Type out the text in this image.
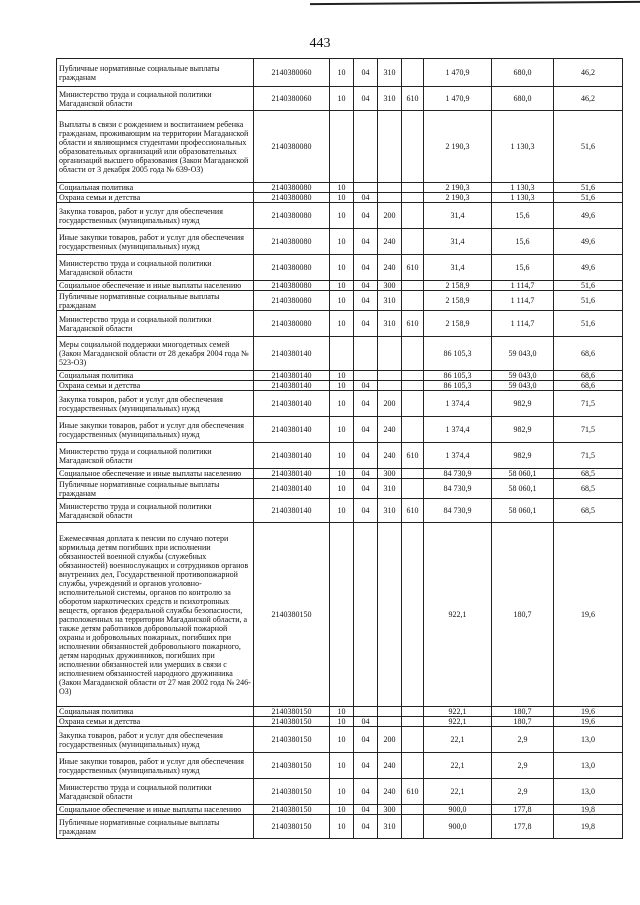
443
Публичные нормативные социальные выплаты гражданам	2140380060	10	04	310		1 470,9	680,0	46,2
Министерство труда и социальной политики Магаданской области	2140380060	10	04	310	610	1 470,9	680,0	46,2
Выплаты в связи с рождением и воспитанием ребенка гражданам, проживающим на территории Магаданской области и являющимся студентами профессиональных образовательных организаций или образовательных организаций высшего образования (Закон Магаданской области от 3 декабря 2005 года № 639-ОЗ)	2140380080					2 190,3	1 130,3	51,6
Социальная политика	2140380080	10				2 190,3	1 130,3	51,6
Охрана семьи и детства	2140380080	10	04			2 190,3	1 130,3	51,6
Закупка товаров, работ и услуг для обеспечения государственных (муниципальных) нужд	2140380080	10	04	200		31,4	15,6	49,6
Иные закупки товаров, работ и услуг для обеспечения государственных (муниципальных) нужд	2140380080	10	04	240		31,4	15,6	49,6
Министерство труда и социальной политики Магаданской области	2140380080	10	04	240	610	31,4	15,6	49,6
Социальное обеспечение и иные выплаты населению	2140380080	10	04	300		2 158,9	1 114,7	51,6
Публичные нормативные социальные выплаты гражданам	2140380080	10	04	310		2 158,9	1 114,7	51,6
Министерство труда и социальной политики Магаданской области	2140380080	10	04	310	610	2 158,9	1 114,7	51,6
Меры социальной поддержки многодетных семей (Закон Магаданской области от 28 декабря 2004 года № 523-ОЗ)	2140380140					86 105,3	59 043,0	68,6
Социальная политика	2140380140	10				86 105,3	59 043,0	68,6
Охрана семьи и детства	2140380140	10	04			86 105,3	59 043,0	68,6
Закупка товаров, работ и услуг для обеспечения государственных (муниципальных) нужд	2140380140	10	04	200		1 374,4	982,9	71,5
Иные закупки товаров, работ и услуг для обеспечения государственных (муниципальных) нужд	2140380140	10	04	240		1 374,4	982,9	71,5
Министерство труда и социальной политики Магаданской области	2140380140	10	04	240	610	1 374,4	982,9	71,5
Социальное обеспечение и иные выплаты населению	2140380140	10	04	300		84 730,9	58 060,1	68,5
Публичные нормативные социальные выплаты гражданам	2140380140	10	04	310		84 730,9	58 060,1	68,5
Министерство труда и социальной политики Магаданской области	2140380140	10	04	310	610	84 730,9	58 060,1	68,5
Ежемесячная доплата к пенсии по случаю потери кормильца детям погибших при исполнении обязанностей военной службы (служебных обязанностей) военнослужащих и сотрудников органов внутренних дел, Государственной противопожарной службы, учреждений и органов уголовно-исполнительной системы, органов по контролю за оборотом наркотических средств и психотропных веществ, органов федеральной службы безопасности, расположенных на территории Магаданской области, а также детям работников добровольной пожарной охраны и добровольных пожарных, погибших при исполнении обязанностей добровольного пожарного, детям народных дружинников, погибших при исполнении обязанностей или умерших в связи с исполнением обязанностей народного дружинника (Закон Магаданской области от 27 мая 2002 года № 246-ОЗ)	2140380150					922,1	180,7	19,6
Социальная политика	2140380150	10				922,1	180,7	19,6
Охрана семьи и детства	2140380150	10	04			922,1	180,7	19,6
Закупка товаров, работ и услуг для обеспечения государственных (муниципальных) нужд	2140380150	10	04	200		22,1	2,9	13,0
Иные закупки товаров, работ и услуг для обеспечения государственных (муниципальных) нужд	2140380150	10	04	240		22,1	2,9	13,0
Министерство труда и социальной политики Магаданской области	2140380150	10	04	240	610	22,1	2,9	13,0
Социальное обеспечение и иные выплаты населению	2140380150	10	04	300		900,0	177,8	19,8
Публичные нормативные социальные выплаты гражданам	2140380150	10	04	310		900,0	177,8	19,8
